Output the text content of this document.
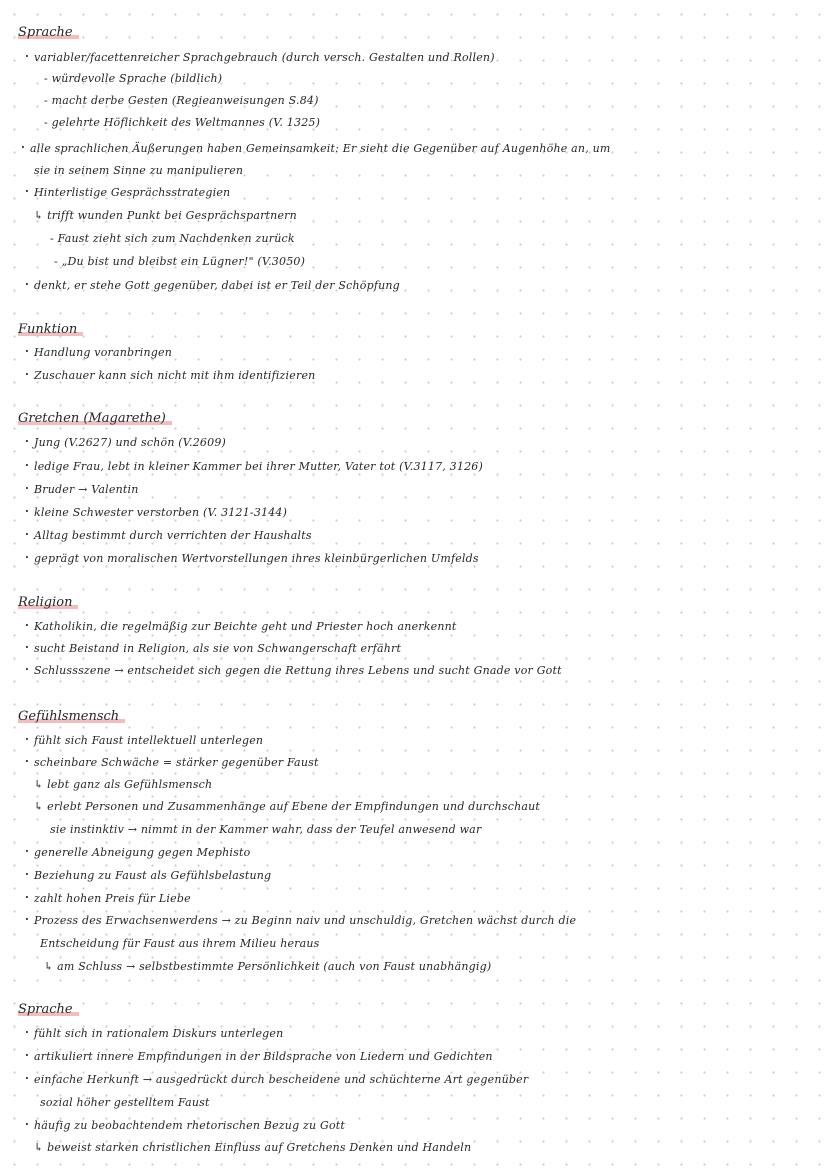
Sprache
· variabler/facettenreicher Sprachgebrauch (durch versch. Gestalten und Rollen)
- würdevolle Sprache (bildlich)
- macht derbe Gesten (Regieanweisungen S.84)
- gelehrte Höflichkeit des Weltmannes (V. 1325)
· alle sprachlichen Äußerungen haben Gemeinsamkeit: Er sieht die Gegenüber auf Augenhöhe an, um
sie in seinem Sinne zu manipulieren
· Hinterlistige Gesprächsstrategien
↳ trifft wunden Punkt bei Gesprächspartnern
- Faust zieht sich zum Nachdenken zurück
- „Du bist und bleibst ein Lügner!" (V.3050)
· denkt, er stehe Gott gegenüber, dabei ist er Teil der Schöpfung
Funktion
· Handlung voranbringen
· Zuschauer kann sich nicht mit ihm identifizieren
Gretchen (Magarethe)
· Jung (V.2627) und schön (V.2609)
· ledige Frau, lebt in kleiner Kammer bei ihrer Mutter, Vater tot (V.3117, 3126)
· Bruder → Valentin
· kleine Schwester verstorben (V. 3121-3144)
· Alltag bestimmt durch verrichten der Haushalts
· geprägt von moralischen Wertvorstellungen ihres kleinbürgerlichen Umfelds
Religion
· Katholikin, die regelmäßig zur Beichte geht und Priester hoch anerkennt
· sucht Beistand in Religion, als sie von Schwangerschaft erfährt
· Schlussszene → entscheidet sich gegen die Rettung ihres Lebens und sucht Gnade vor Gott
Gefühlsmensch
· fühlt sich Faust intellektuell unterlegen
· scheinbare Schwäche = stärker gegenüber Faust
↳ lebt ganz als Gefühlsmensch
↳ erlebt Personen und Zusammenhänge auf Ebene der Empfindungen und durchschaut
sie instinktiv → nimmt in der Kammer wahr, dass der Teufel anwesend war
· generelle Abneigung gegen Mephisto
· Beziehung zu Faust als Gefühlsbelastung
· zahlt hohen Preis für Liebe
· Prozess des Erwachsenwerdens → zu Beginn naiv und unschuldig, Gretchen wächst durch die
Entscheidung für Faust aus ihrem Milieu heraus
↳ am Schluss → selbstbestimmte Persönlichkeit (auch von Faust unabhängig)
Sprache
· fühlt sich in rationalem Diskurs unterlegen
· artikuliert innere Empfindungen in der Bildsprache von Liedern und Gedichten
· einfache Herkunft → ausgedrückt durch bescheidene und schüchterne Art gegenüber
sozial höher gestelltem Faust
· häufig zu beobachtendem rhetorischen Bezug zu Gott
↳ beweist starken christlichen Einfluss auf Gretchens Denken und Handeln
